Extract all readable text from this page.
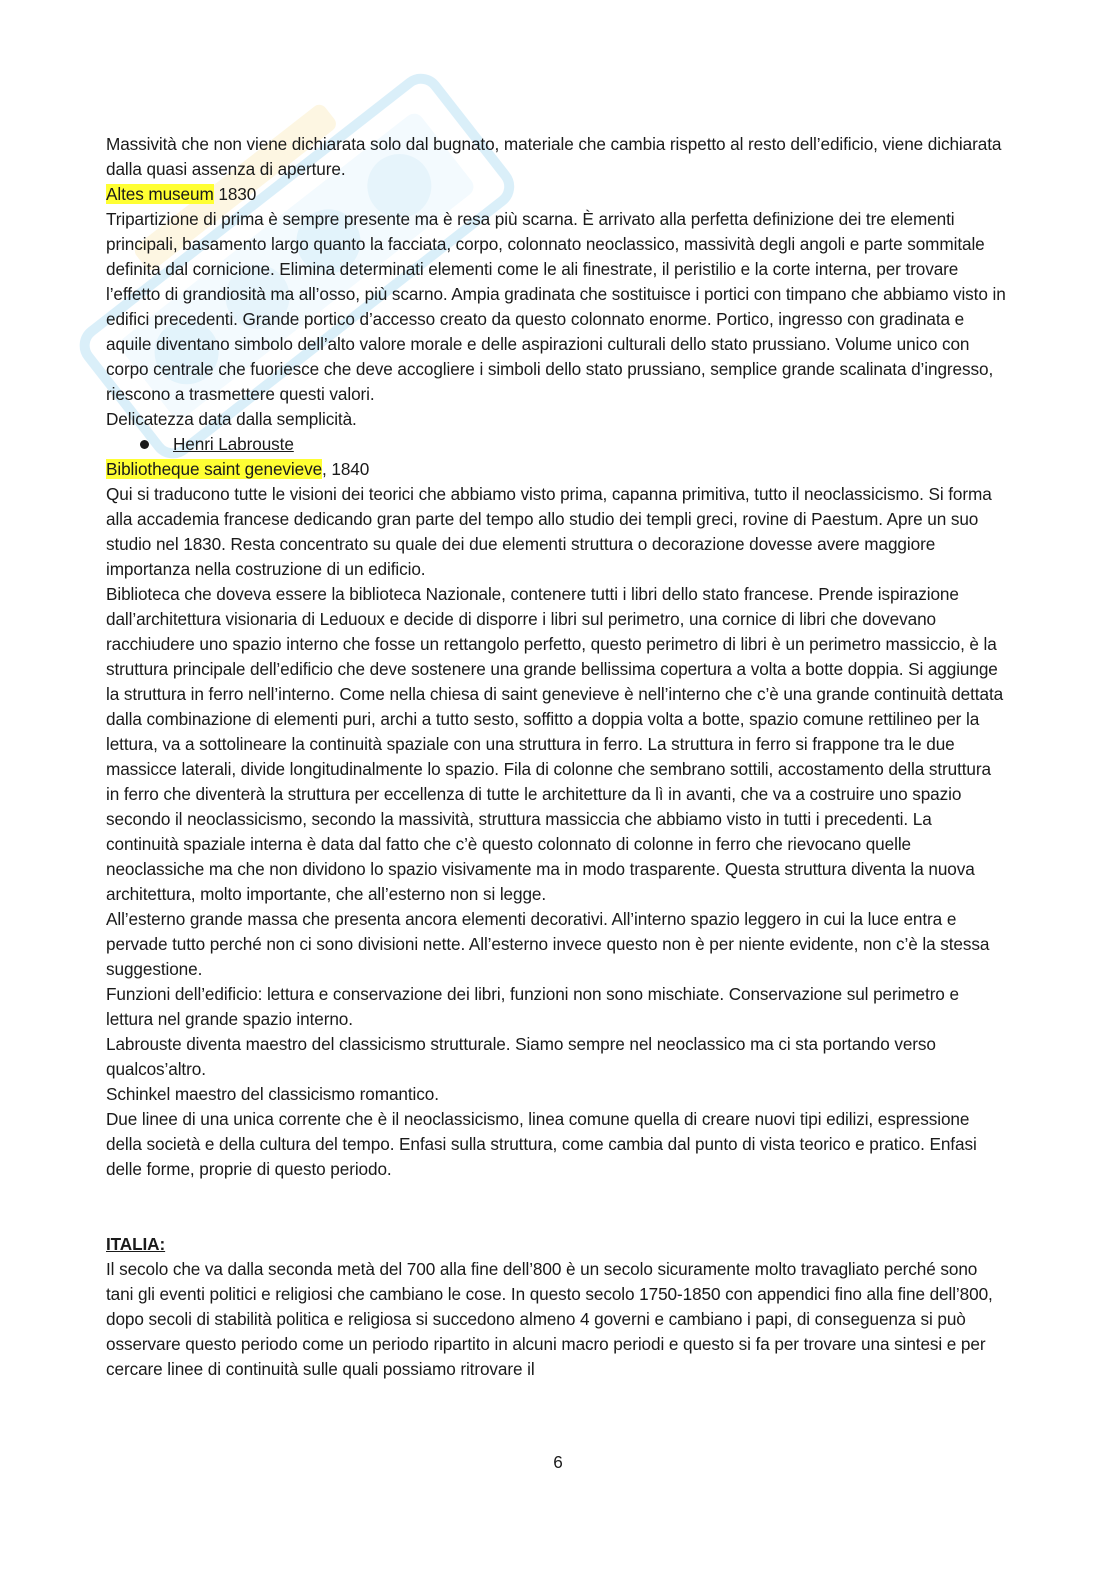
Massività che non viene dichiarata solo dal bugnato, materiale che cambia rispetto al resto dell’edificio, viene dichiarata dalla quasi assenza di aperture.

Altes museum 1830

Tripartizione di prima è sempre presente ma è resa più scarna. È arrivato alla perfetta definizione dei tre elementi principali, basamento largo quanto la facciata, corpo, colonnato neoclassico, massività degli angoli e parte sommitale definita dal cornicione. Elimina determinati elementi come le ali finestrate, il peristilio e la corte interna, per trovare l’effetto di grandiosità ma all’osso, più scarno. Ampia gradinata che sostituisce i portici con timpano che abbiamo visto in edifici precedenti. Grande portico d’accesso creato da questo colonnato enorme. Portico, ingresso con gradinata e aquile diventano simbolo dell’alto valore morale e delle aspirazioni culturali dello stato prussiano. Volume unico con corpo centrale che fuoriesce che deve accogliere i simboli dello stato prussiano, semplice grande scalinata d’ingresso, riescono a trasmettere questi valori.

Delicatezza data dalla semplicità.

Henri Labrouste

Bibliotheque saint genevieve, 1840

Qui si traducono tutte le visioni dei teorici che abbiamo visto prima, capanna primitiva, tutto il neoclassicismo. Si forma alla accademia francese dedicando gran parte del tempo allo studio dei templi greci, rovine di Paestum. Apre un suo studio nel 1830. Resta concentrato su quale dei due elementi struttura o decorazione dovesse avere maggiore importanza nella costruzione di un edificio.

Biblioteca che doveva essere la biblioteca Nazionale, contenere tutti i libri dello stato francese. Prende ispirazione dall’architettura visionaria di Leduoux e decide di disporre i libri sul perimetro, una cornice di libri che dovevano racchiudere uno spazio interno che fosse un rettangolo perfetto, questo perimetro di libri è un perimetro massiccio, è la struttura principale dell’edificio che deve sostenere una grande bellissima copertura a volta a botte doppia. Si aggiunge la struttura in ferro nell’interno. Come nella chiesa di saint genevieve è nell’interno che c’è una grande continuità dettata dalla combinazione di elementi puri, archi a tutto sesto, soffitto a doppia volta a botte, spazio comune rettilineo per la lettura, va a sottolineare la continuità spaziale con una struttura in ferro. La struttura in ferro si frappone tra le due massicce laterali, divide longitudinalmente lo spazio. Fila di colonne che sembrano sottili, accostamento della struttura in ferro che diventerà la struttura per eccellenza di tutte le architetture da lì in avanti, che va a costruire uno spazio secondo il neoclassicismo, secondo la massività, struttura massiccia che abbiamo visto in tutti i precedenti. La continuità spaziale interna è data dal fatto che c’è questo colonnato di colonne in ferro che rievocano quelle neoclassiche ma che non dividono lo spazio visivamente ma in modo trasparente. Questa struttura diventa la nuova architettura, molto importante, che all’esterno non si legge.

All’esterno grande massa che presenta ancora elementi decorativi. All’interno spazio leggero in cui la luce entra e pervade tutto perché non ci sono divisioni nette. All’esterno invece questo non è per niente evidente, non c’è la stessa suggestione.

Funzioni dell’edificio: lettura e conservazione dei libri, funzioni non sono mischiate. Conservazione sul perimetro e lettura nel grande spazio interno.

Labrouste diventa maestro del classicismo strutturale. Siamo sempre nel neoclassico ma ci sta portando verso qualcos’altro.

Schinkel maestro del classicismo romantico.

Due linee di una unica corrente che è il neoclassicismo, linea comune quella di creare nuovi tipi edilizi, espressione della società e della cultura del tempo. Enfasi sulla struttura, come cambia dal punto di vista teorico e pratico. Enfasi delle forme, proprie di questo periodo.

ITALIA:

Il secolo che va dalla seconda metà del 700 alla fine dell’800 è un secolo sicuramente molto travagliato perché sono tani gli eventi politici e religiosi che cambiano le cose. In questo secolo 1750-1850 con appendici fino alla fine dell’800, dopo secoli di stabilità politica e religiosa si succedono almeno 4 governi e cambiano i papi, di conseguenza si può osservare questo periodo come un periodo ripartito in alcuni macro periodi e questo si fa per trovare una sintesi e per cercare linee di continuità sulle quali possiamo ritrovare il

6
